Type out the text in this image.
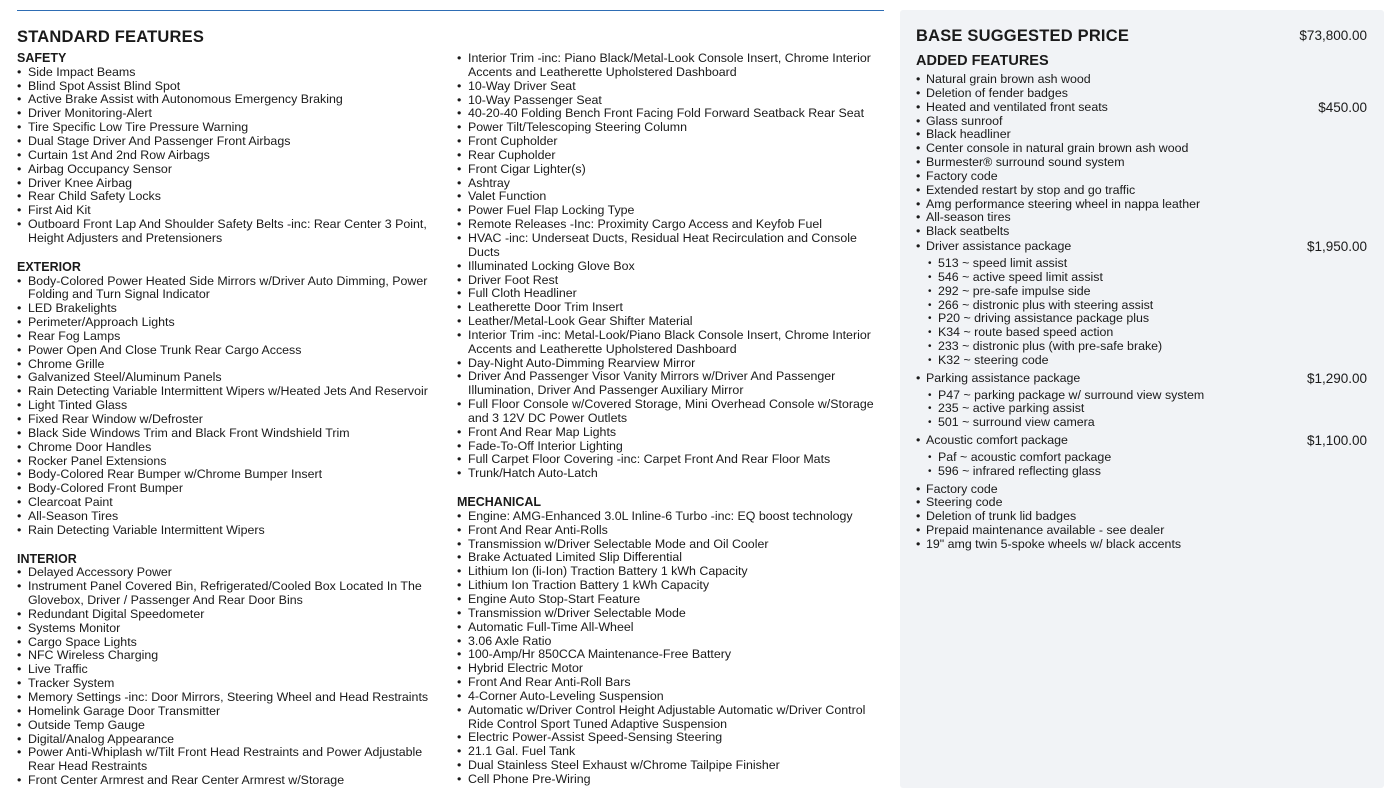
STANDARD FEATURES
SAFETY
• Side Impact Beams
• Blind Spot Assist Blind Spot
• Active Brake Assist with Autonomous Emergency Braking
• Driver Monitoring-Alert
• Tire Specific Low Tire Pressure Warning
• Dual Stage Driver And Passenger Front Airbags
• Curtain 1st And 2nd Row Airbags
• Airbag Occupancy Sensor
• Driver Knee Airbag
• Rear Child Safety Locks
• First Aid Kit
• Outboard Front Lap And Shoulder Safety Belts -inc: Rear Center 3 Point, Height Adjusters and Pretensioners
EXTERIOR
• Body-Colored Power Heated Side Mirrors w/Driver Auto Dimming, Power Folding and Turn Signal Indicator
• LED Brakelights
• Perimeter/Approach Lights
• Rear Fog Lamps
• Power Open And Close Trunk Rear Cargo Access
• Chrome Grille
• Galvanized Steel/Aluminum Panels
• Rain Detecting Variable Intermittent Wipers w/Heated Jets And Reservoir
• Light Tinted Glass
• Fixed Rear Window w/Defroster
• Black Side Windows Trim and Black Front Windshield Trim
• Chrome Door Handles
• Rocker Panel Extensions
• Body-Colored Rear Bumper w/Chrome Bumper Insert
• Body-Colored Front Bumper
• Clearcoat Paint
• All-Season Tires
• Rain Detecting Variable Intermittent Wipers
INTERIOR
• Delayed Accessory Power
• Instrument Panel Covered Bin, Refrigerated/Cooled Box Located In The Glovebox, Driver / Passenger And Rear Door Bins
• Redundant Digital Speedometer
• Systems Monitor
• Cargo Space Lights
• NFC Wireless Charging
• Live Traffic
• Tracker System
• Memory Settings -inc: Door Mirrors, Steering Wheel and Head Restraints
• Homelink Garage Door Transmitter
• Outside Temp Gauge
• Digital/Analog Appearance
• Power Anti-Whiplash w/Tilt Front Head Restraints and Power Adjustable Rear Head Restraints
• Front Center Armrest and Rear Center Armrest w/Storage
• Interior Trim -inc: Piano Black/Metal-Look Console Insert, Chrome Interior Accents and Leatherette Upholstered Dashboard
• 10-Way Driver Seat
• 10-Way Passenger Seat
• 40-20-40 Folding Bench Front Facing Fold Forward Seatback Rear Seat
• Power Tilt/Telescoping Steering Column
• Front Cupholder
• Rear Cupholder
• Front Cigar Lighter(s)
• Ashtray
• Valet Function
• Power Fuel Flap Locking Type
• Remote Releases -Inc: Proximity Cargo Access and Keyfob Fuel
• HVAC -inc: Underseat Ducts, Residual Heat Recirculation and Console Ducts
• Illuminated Locking Glove Box
• Driver Foot Rest
• Full Cloth Headliner
• Leatherette Door Trim Insert
• Leather/Metal-Look Gear Shifter Material
• Interior Trim -inc: Metal-Look/Piano Black Console Insert, Chrome Interior Accents and Leatherette Upholstered Dashboard
• Day-Night Auto-Dimming Rearview Mirror
• Driver And Passenger Visor Vanity Mirrors w/Driver And Passenger Illumination, Driver And Passenger Auxiliary Mirror
• Full Floor Console w/Covered Storage, Mini Overhead Console w/Storage and 3 12V DC Power Outlets
• Front And Rear Map Lights
• Fade-To-Off Interior Lighting
• Full Carpet Floor Covering -inc: Carpet Front And Rear Floor Mats
• Trunk/Hatch Auto-Latch
MECHANICAL
• Engine: AMG-Enhanced 3.0L Inline-6 Turbo -inc: EQ boost technology
• Front And Rear Anti-Rolls
• Transmission w/Driver Selectable Mode and Oil Cooler
• Brake Actuated Limited Slip Differential
• Lithium Ion (li-Ion) Traction Battery 1 kWh Capacity
• Lithium Ion Traction Battery 1 kWh Capacity
• Engine Auto Stop-Start Feature
• Transmission w/Driver Selectable Mode
• Automatic Full-Time All-Wheel
• 3.06 Axle Ratio
• 100-Amp/Hr 850CCA Maintenance-Free Battery
• Hybrid Electric Motor
• Front And Rear Anti-Roll Bars
• 4-Corner Auto-Leveling Suspension
• Automatic w/Driver Control Height Adjustable Automatic w/Driver Control Ride Control Sport Tuned Adaptive Suspension
• Electric Power-Assist Speed-Sensing Steering
• 21.1 Gal. Fuel Tank
• Dual Stainless Steel Exhaust w/Chrome Tailpipe Finisher
• Cell Phone Pre-Wiring
BASE SUGGESTED PRICE	$73,800.00
ADDED FEATURES
• Natural grain brown ash wood
• Deletion of fender badges
• Heated and ventilated front seats	$450.00
• Glass sunroof
• Black headliner
• Center console in natural grain brown ash wood
• Burmester® surround sound system
• Factory code
• Extended restart by stop and go traffic
• Amg performance steering wheel in nappa leather
• All-season tires
• Black seatbelts
• Driver assistance package	$1,950.00
• 513 ~ speed limit assist
• 546 ~ active speed limit assist
• 292 ~ pre-safe impulse side
• 266 ~ distronic plus with steering assist
• P20 ~ driving assistance package plus
• K34 ~ route based speed action
• 233 ~ distronic plus (with pre-safe brake)
• K32 ~ steering code
• Parking assistance package	$1,290.00
• P47 ~ parking package w/ surround view system
• 235 ~ active parking assist
• 501 ~ surround view camera
• Acoustic comfort package	$1,100.00
• Paf ~ acoustic comfort package
• 596 ~ infrared reflecting glass
• Factory code
• Steering code
• Deletion of trunk lid badges
• Prepaid maintenance available - see dealer
• 19" amg twin 5-spoke wheels w/ black accents
